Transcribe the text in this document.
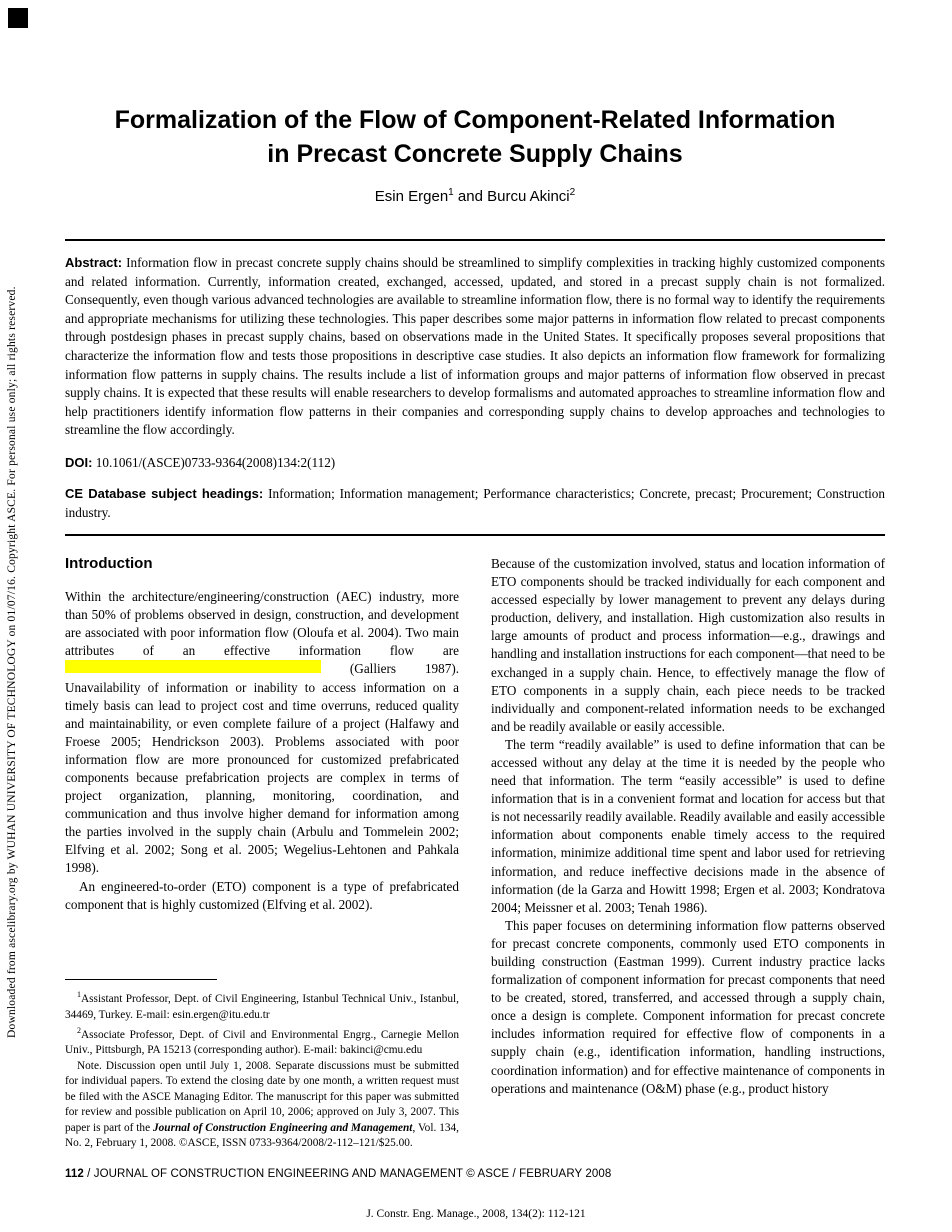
Downloaded from ascelibrary.org by WUHAN UNIVERSITY OF TECHNOLOGY on 01/07/16. Copyright ASCE. For personal use only; all rights reserved.
Formalization of the Flow of Component-Related Information
in Precast Concrete Supply Chains
Esin Ergen$^1$ and Burcu Akinci$^2$

Abstract: Information flow in precast concrete supply chains should be streamlined to simplify complexities in tracking highly customized components and related information. Currently, information created, exchanged, accessed, updated, and stored in a precast supply chain is not formalized. Consequently, even though various advanced technologies are available to streamline information flow, there is no formal way to identify the requirements and appropriate mechanisms for utilizing these technologies. This paper describes some major patterns in information flow related to precast components through postdesign phases in precast supply chains, based on observations made in the United States. It specifically proposes several propositions that characterize the information flow and tests those propositions in descriptive case studies. It also depicts an information flow framework for formalizing information flow patterns in supply chains. The results include a list of information groups and major patterns of information flow observed in precast supply chains. It is expected that these results will enable researchers to develop formalisms and automated approaches to streamline information flow and help practitioners identify information flow patterns in their companies and corresponding supply chains to develop approaches and technologies to streamline the flow accordingly.

DOI: 10.1061/(ASCE)0733-9364(2008)134:2(112)

CE Database subject headings: Information; Information management; Performance characteristics; Concrete, precast; Procurement; Construction industry.

Introduction

Within the architecture/engineering/construction (AEC) industry, more than 50% of problems observed in design, construction, and development are associated with poor information flow (Oloufa et al. 2004). Two main attributes of an effective information flow are  (Galliers 1987). Unavailability of information or inability to access information on a timely basis can lead to project cost and time overruns, reduced quality and maintainability, or even complete failure of a project (Halfawy and Froese 2005; Hendrickson 2003). Problems associated with poor information flow are more pronounced for customized prefabricated components because prefabrication projects are complex in terms of project organization, planning, monitoring, coordination, and communication and thus involve higher demand for information among the parties involved in the supply chain (Arbulu and Tommelein 2002; Elfving et al. 2002; Song et al. 2005; Wegelius-Lehtonen and Pahkala 1998).

An engineered-to-order (ETO) component is a type of prefabricated component that is highly customized (Elfving et al. 2002).

$^1$Assistant Professor, Dept. of Civil Engineering, Istanbul Technical Univ., Istanbul, 34469, Turkey. E-mail: esin.ergen@itu.edu.tr

$^2$Associate Professor, Dept. of Civil and Environmental Engrg., Carnegie Mellon Univ., Pittsburgh, PA 15213 (corresponding author). E-mail: bakinci@cmu.edu

Note. Discussion open until July 1, 2008. Separate discussions must be submitted for individual papers. To extend the closing date by one month, a written request must be filed with the ASCE Managing Editor. The manuscript for this paper was submitted for review and possible publication on April 10, 2006; approved on July 3, 2007. This paper is part of the Journal of Construction Engineering and Management, Vol. 134, No. 2, February 1, 2008. ©ASCE, ISSN 0733-9364/2008/2-112–121/$25.00.

Because of the customization involved, status and location information of ETO components should be tracked individually for each component and accessed especially by lower management to prevent any delays during production, delivery, and installation. High customization also results in large amounts of product and process information—e.g., drawings and handling and installation instructions for each component—that need to be exchanged in a supply chain. Hence, to effectively manage the flow of ETO components in a supply chain, each piece needs to be tracked individually and component-related information needs to be exchanged and be readily available or easily accessible.

The term “readily available” is used to define information that can be accessed without any delay at the time it is needed by the people who need that information. The term “easily accessible” is used to define information that is in a convenient format and location for access but that is not necessarily readily available. Readily available and easily accessible information about components enable timely access to the required information, minimize additional time spent and labor used for retrieving information, and reduce ineffective decisions made in the absence of information (de la Garza and Howitt 1998; Ergen et al. 2003; Kondratova 2004; Meissner et al. 2003; Tenah 1986).

This paper focuses on determining information flow patterns observed for precast concrete components, commonly used ETO components in building construction (Eastman 1999). Current industry practice lacks formalization of component information for precast components that need to be created, stored, transferred, and accessed through a supply chain, once a design is complete. Component information for precast concrete includes information required for effective flow of components in a supply chain (e.g., identification information, handling instructions, coordination information) and for effective maintenance of components in operations and maintenance (O&M) phase (e.g., product history

112 / JOURNAL OF CONSTRUCTION ENGINEERING AND MANAGEMENT © ASCE / FEBRUARY 2008
J. Constr. Eng. Manage., 2008, 134(2): 112-121
